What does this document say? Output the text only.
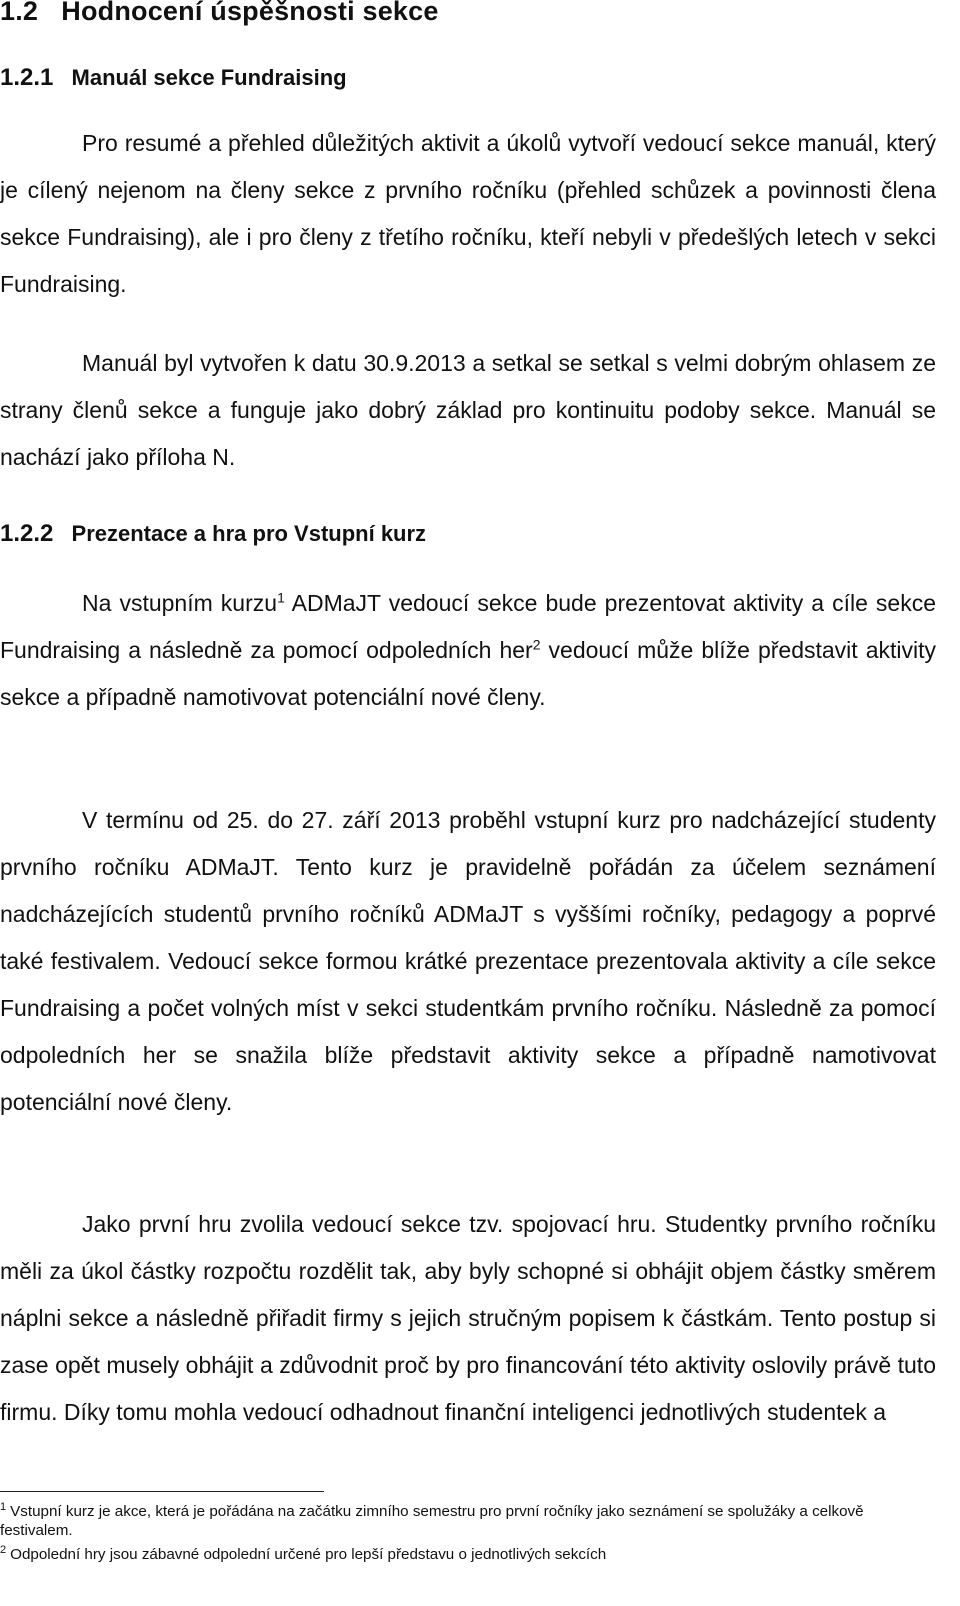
1.2 Hodnocení úspěšnosti sekce
1.2.1 Manuál sekce Fundraising

Pro resumé a přehled důležitých aktivit a úkolů vytvoří vedoucí sekce manuál, který je cílený nejenom na členy sekce z prvního ročníku (přehled schůzek a povinnosti člena sekce Fundraising), ale i pro členy z třetího ročníku, kteří nebyli v předešlých letech v sekci Fundraising.

Manuál byl vytvořen k datu 30.9.2013 a setkal se setkal s velmi dobrým ohlasem ze strany členů sekce a funguje jako dobrý základ pro kontinuitu podoby sekce. Manuál se nachází jako příloha N.

1.2.2 Prezentace a hra pro Vstupní kurz

Na vstupním kurzu$^1$ ADMaJT vedoucí sekce bude prezentovat aktivity a cíle sekce Fundraising a následně za pomocí odpoledních her$^2$ vedoucí může blíže představit aktivity sekce a případně namotivovat potenciální nové členy.

V termínu od 25. do 27. září 2013 proběhl vstupní kurz pro nadcházející studenty prvního ročníku ADMaJT. Tento kurz je pravidelně pořádán za účelem seznámení nadcházejících studentů prvního ročníků ADMaJT s vyššími ročníky, pedagogy a poprvé také festivalem. Vedoucí sekce formou krátké prezentace prezentovala aktivity a cíle sekce Fundraising a počet volných míst v sekci studentkám prvního ročníku. Následně za pomocí odpoledních her se snažila blíže představit aktivity sekce a případně namotivovat potenciální nové členy.

Jako první hru zvolila vedoucí sekce tzv. spojovací hru. Studentky prvního ročníku měli za úkol částky rozpočtu rozdělit tak, aby byly schopné si obhájit objem částky směrem náplni sekce a následně přiřadit firmy s jejich stručným popisem k částkám. Tento postup si zase opět musely obhájit a zdůvodnit proč by pro financování této aktivity oslovily právě tuto firmu. Díky tomu mohla vedoucí odhadnout finanční inteligenci jednotlivých studentek a

$^1$ Vstupní kurz je akce, která je pořádána na začátku zimního semestru pro první ročníky jako seznámení se spolužáky a celkově festivalem.

$^2$ Odpolední hry jsou zábavné odpolední určené pro lepší představu o jednotlivých sekcích
